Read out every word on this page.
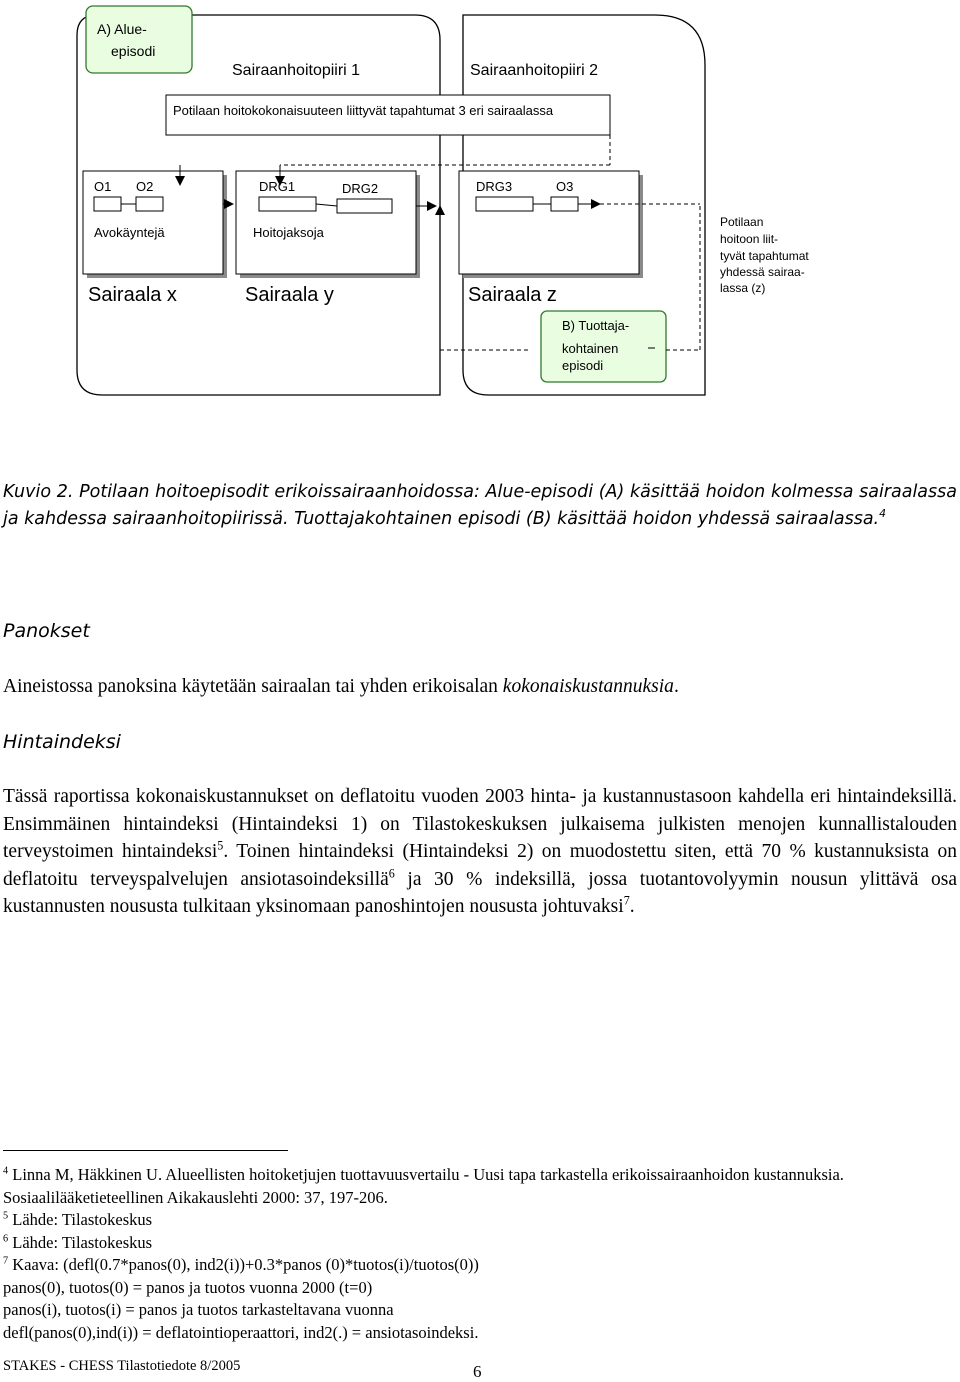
A) Alue-
episodi
Sairaanhoitopiiri 1	Sairaanhoitopiiri 2
Potilaan hoitokokonaisuuteen liittyvät tapahtumat 3 eri sairaalassa
O1 O2
Avokäyntejä
Sairaala x
DRG1	DRG2
Hoitojaksoja
Sairaala y
DRG3	O3
Sairaala z
Potilaan
hoitoon liit-
tyvät tapahtumat
yhdessä sairaa-
lassa (z)
B) Tuottaja-
kohtainen
episodi
Kuvio 2. Potilaan hoitoepisodit erikoissairaanhoidossa: Alue-episodi (A) käsittää hoidon kolmessa sairaalassa ja kahdessa sairaanhoitopiirissä. Tuottajakohtainen episodi (B) käsittää hoidon yhdessä sairaalassa.$^4$
Panokset
Aineistossa panoksina käytetään sairaalan tai yhden erikoisalan kokonaiskustannuksia.
Hintaindeksi
Tässä raportissa kokonaiskustannukset on deflatoitu vuoden 2003 hinta- ja kustannustasoon kahdella eri hintaindeksillä. Ensimmäinen hintaindeksi (Hintaindeksi 1) on Tilastokeskuksen julkaisema julkisten menojen kunnallistalouden terveystoimen hintaindeksi$^5$. Toinen hintaindeksi (Hintaindeksi 2) on muodostettu siten, että 70 % kustannuksista on deflatoitu terveyspalvelujen ansiotasoindeksillä$^6$ ja 30 % indeksillä, jossa tuotantovolyymin nousun ylittävä osa kustannusten noususta tulkitaan yksinomaan panoshintojen noususta johtuvaksi$^7$.
$^4$ Linna M, Häkkinen U. Alueellisten hoitoketjujen tuottavuusvertailu - Uusi tapa tarkastella erikoissairaanhoidon kustannuksia. Sosiaalilääketieteellinen Aikakauslehti 2000: 37, 197-206.
$^5$ Lähde: Tilastokeskus
$^6$ Lähde: Tilastokeskus
$^7$ Kaava: (defl(0.7*panos(0), ind2(i))+0.3*panos (0)*tuotos(i)/tuotos(0))
panos(0), tuotos(0) = panos ja tuotos vuonna 2000 (t=0)
panos(i), tuotos(i) = panos ja tuotos tarkasteltavana vuonna
defl(panos(0),ind(i)) = deflatointioperaattori, ind2(.) = ansiotasoindeksi.
STAKES - CHESS Tilastotiedote 8/2005	6
